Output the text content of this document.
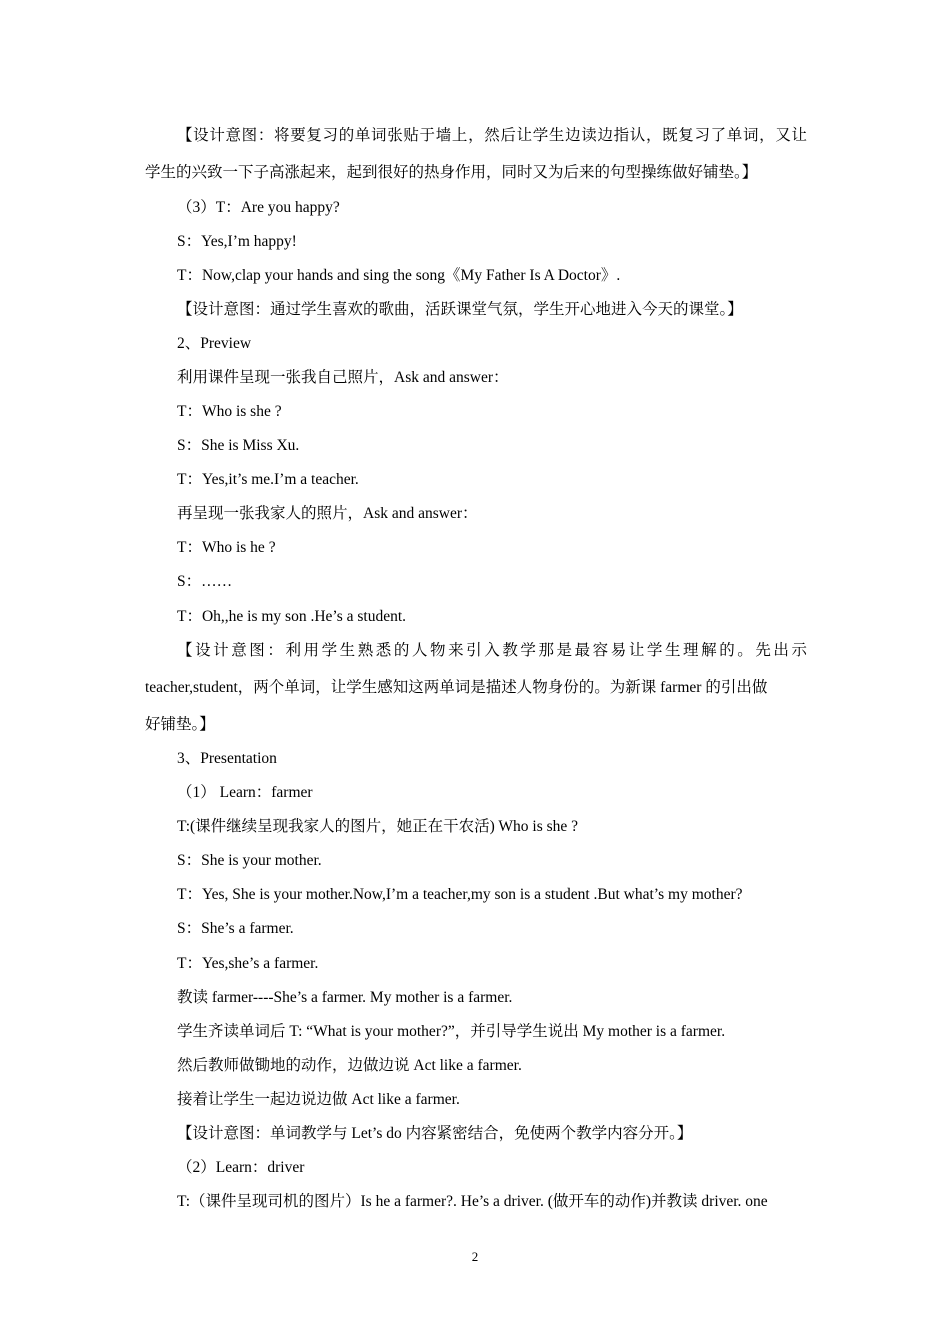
【设计意图：将要复习的单词张贴于墙上，然后让学生边读边指认，既复习了单词，又让
学生的兴致一下子高涨起来，起到很好的热身作用，同时又为后来的句型操练做好铺垫。】
（3）T：Are you happy?
S：Yes,I’m happy!
T：Now,clap your hands and sing the song《My Father Is A Doctor》.
【设计意图：通过学生喜欢的歌曲，活跃课堂气氛，学生开心地进入今天的课堂。】
2、Preview
利用课件呈现一张我自己照片，Ask and answer：
T：Who is she ?
S：She is Miss Xu.
T：Yes,it’s me.I’m a teacher.
再呈现一张我家人的照片，Ask and answer：
T：Who is he ?
S：……
T：Oh,,he is my son .He’s a student.
【设计意图：利用学生熟悉的人物来引入教学那是最容易让学生理解的。先出示
teacher,student，两个单词，让学生感知这两单词是描述人物身份的。为新课 farmer 的引出做
好铺垫。】
3、Presentation
（1） Learn：farmer
T:(课件继续呈现我家人的图片，她正在干农活) Who is she ?
S：She is your mother.
T：Yes, She is your mother.Now,I’m a teacher,my son is a student .But what’s my mother?
S：She’s a farmer.
T：Yes,she’s a farmer.
教读 farmer----She’s a farmer. My mother is a farmer.
学生齐读单词后 T: “What is your mother?”，并引导学生说出 My mother is a farmer.
然后教师做锄地的动作，边做边说 Act like a farmer.
接着让学生一起边说边做 Act like a farmer.
【设计意图：单词教学与 Let’s do 内容紧密结合，免使两个教学内容分开。】
（2）Learn：driver
T:（课件呈现司机的图片）Is he a farmer?. He’s a driver. (做开车的动作)并教读 driver. one
2
